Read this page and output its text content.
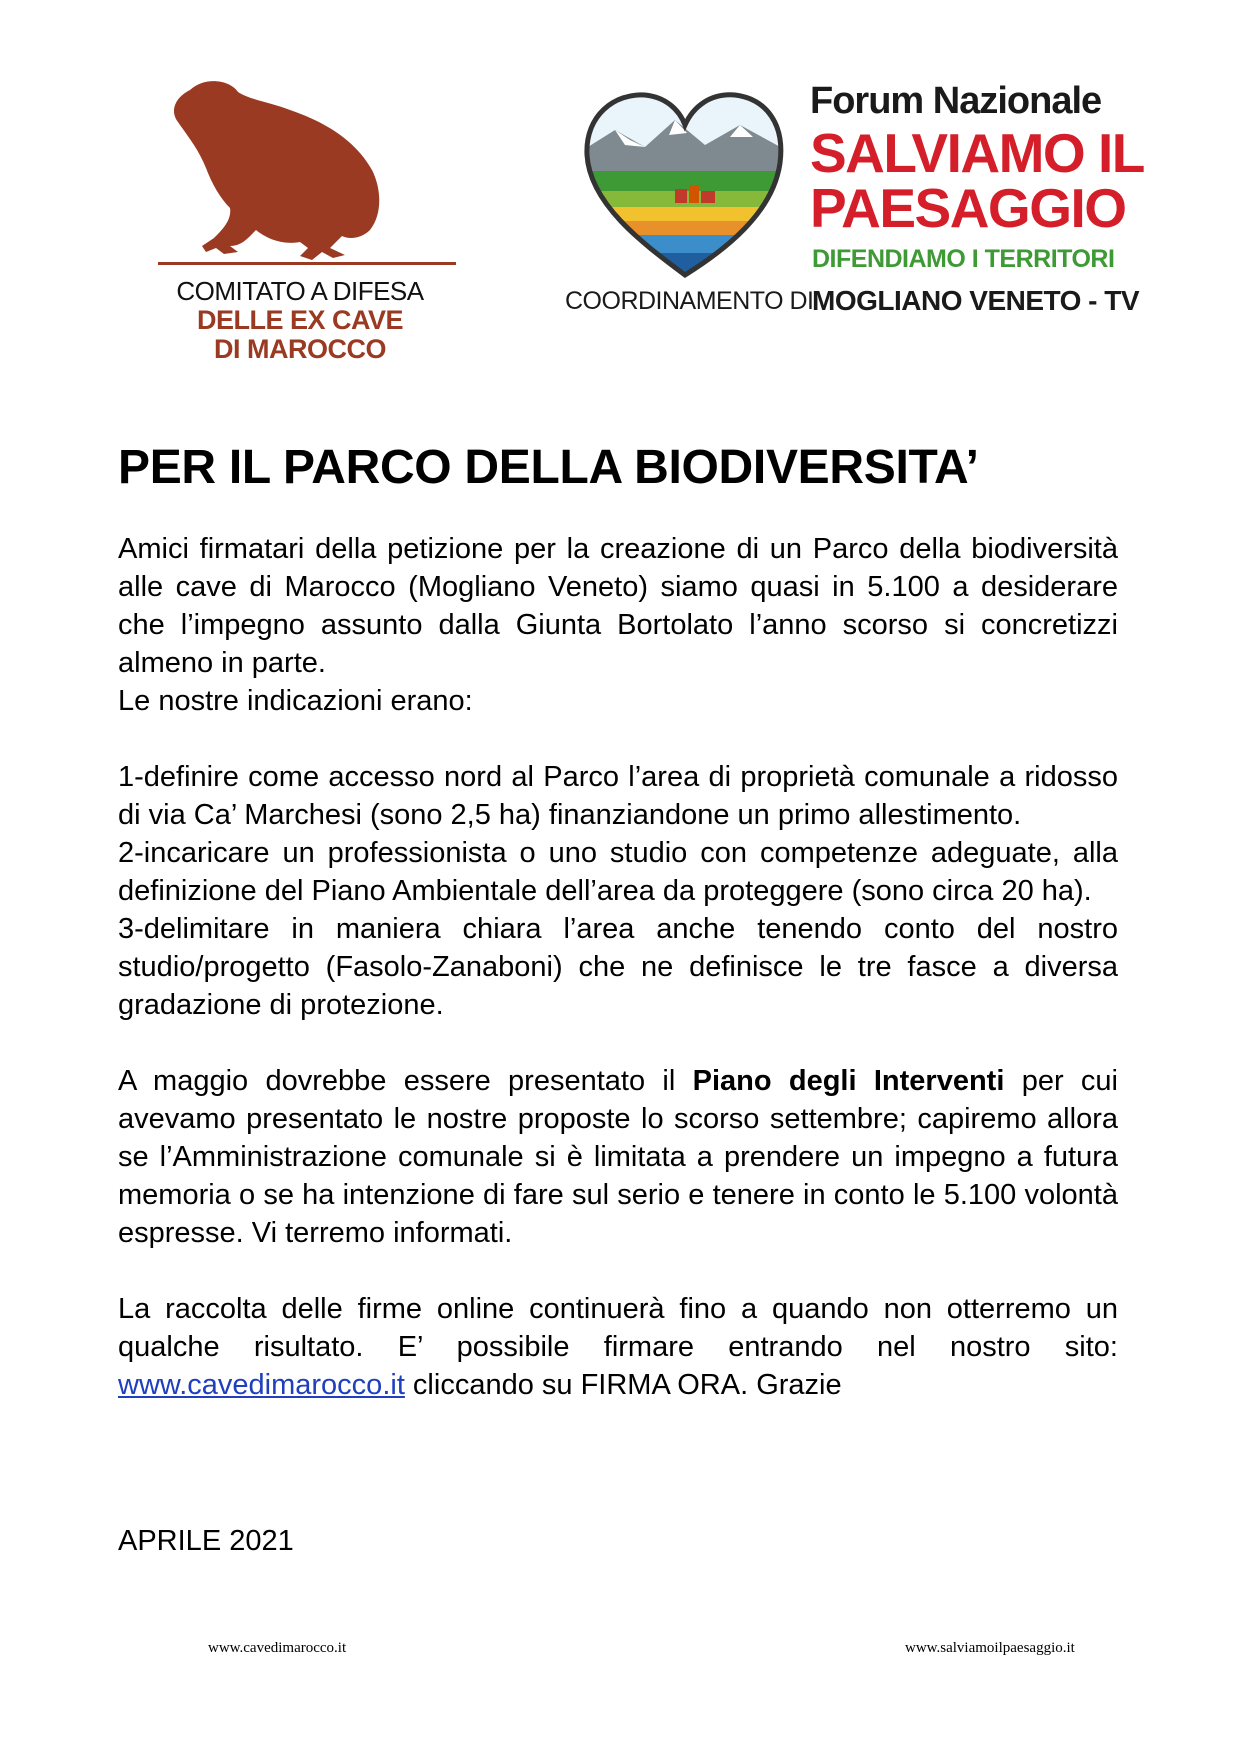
COMITATO A DIFESA
DELLE EX CAVE
DI MAROCCO
Forum Nazionale
SALVIAMO IL
PAESAGGIO
DIFENDIAMO I TERRITORI
COORDINAMENTO DI
MOGLIANO VENETO - TV
PER IL PARCO DELLA BIODIVERSITA’

Amici firmatari della petizione per la creazione di un Parco della biodiversità alle cave di Marocco (Mogliano Veneto) siamo quasi in 5.100 a desiderare che l’impegno assunto dalla Giunta Bortolato l’anno scorso si concretizzi almeno in parte.

Le nostre indicazioni erano:

1-definire come accesso nord al Parco l’area di proprietà comunale a ridosso di via Ca’ Marchesi (sono 2,5 ha) finanziandone un primo allestimento.

2-incaricare un professionista o uno studio con competenze adeguate, alla definizione del Piano Ambientale dell’area da proteggere (sono circa 20 ha).

3-delimitare in maniera chiara l’area anche tenendo conto del nostro studio/progetto (Fasolo-Zanaboni) che ne definisce le tre fasce a diversa gradazione di protezione.

A maggio dovrebbe essere presentato il Piano degli Interventi per cui avevamo presentato le nostre proposte lo scorso settembre; capiremo allora se l’Amministrazione comunale si è limitata a prendere un impegno a futura memoria o se ha intenzione di fare sul serio e tenere in conto le 5.100 volontà espresse. Vi terremo informati.

La raccolta delle firme online continuerà fino a quando non otterremo un qualche risultato. E’ possibile firmare entrando nel nostro sito: www.cavedimarocco.it cliccando su FIRMA ORA. Grazie

APRILE 2021
www.cavedimarocco.it	www.salviamoilpaesaggio.it
